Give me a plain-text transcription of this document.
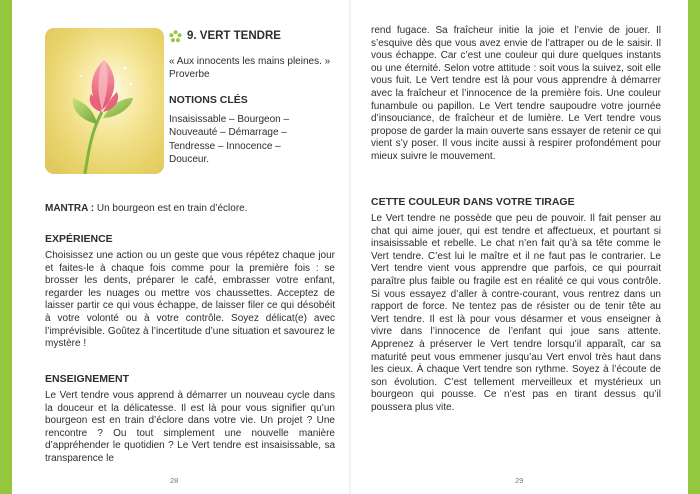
9. VERT TENDRE
« Aux innocents les mains pleines. » Proverbe
NOTIONS CLÉS
Insaisissable – Bourgeon – Nouveauté – Démarrage – Tendresse – Innocence – Douceur.
MANTRA : Un bourgeon est en train d’éclore.
EXPÉRIENCE
Choisissez une action ou un geste que vous répétez chaque jour et faites-le à chaque fois comme pour la première fois : se brosser les dents, préparer le café, embrasser votre enfant, regarder les nuages ou mettre vos chaussettes. Acceptez de laisser partir ce qui vous échappe, de laisser filer ce qui désobéit à votre volonté ou à votre contrôle. Soyez délicat(e) avec l’imprévisible. Goûtez à l’incertitude d’une situation et savourez le mystère !
ENSEIGNEMENT
Le Vert tendre vous apprend à démarrer un nouveau cycle dans la douceur et la délicatesse. Il est là pour vous signifier qu’un bourgeon est en train d’éclore dans votre vie. Un projet ? Une rencontre ? Ou tout simplement une nouvelle manière d’appréhender le quotidien ? Le Vert tendre est insaisissable, sa transparence le
28
rend fugace. Sa fraîcheur initie la joie et l’envie de jouer. Il s’esquive dès que vous avez envie de l’attraper ou de le saisir. Il vous échappe. Car c’est une couleur qui dure quelques instants ou une éternité. Selon votre attitude : soit vous la suivez, soit elle vous fuit. Le Vert tendre est là pour vous apprendre à démarrer avec la fraîcheur et l’innocence de la première fois. Une couleur funambule ou papillon. Le Vert tendre saupoudre votre journée d’insouciance, de fraîcheur et de lumière. Le Vert tendre vous propose de garder la main ouverte sans essayer de retenir ce qui vient s’y poser. Il vous incite aussi à respirer profondément pour mieux suivre le mouvement.
CETTE COULEUR DANS VOTRE TIRAGE
Le Vert tendre ne possède que peu de pouvoir. Il fait penser au chat qui aime jouer, qui est tendre et affectueux, et pourtant si insaisissable et rebelle. Le chat n’en fait qu’à sa tête comme le Vert tendre. C’est lui le maître et il ne faut pas le contrarier. Le Vert tendre vient vous apprendre que parfois, ce qui pourrait paraître plus faible ou fragile est en réalité ce qui vous contrôle. Si vous essayez d’aller à contre-courant, vous rentrez dans un rapport de force. Ne tentez pas de résister ou de tenir tête au Vert tendre. Il est là pour vous désarmer et vous enseigner à vivre dans l’innocence de l’enfant qui joue sans attente. Apprenez à préserver le Vert tendre lorsqu’il apparaît, car sa maturité peut vous emmener jusqu’au Vert envol très haut dans les cieux. À chaque Vert tendre son rythme. Soyez à l’écoute de son évolution. C’est tellement merveilleux et mystérieux un bourgeon qui pousse. Ce n’est pas en tirant dessus qu’il poussera plus vite.
29
